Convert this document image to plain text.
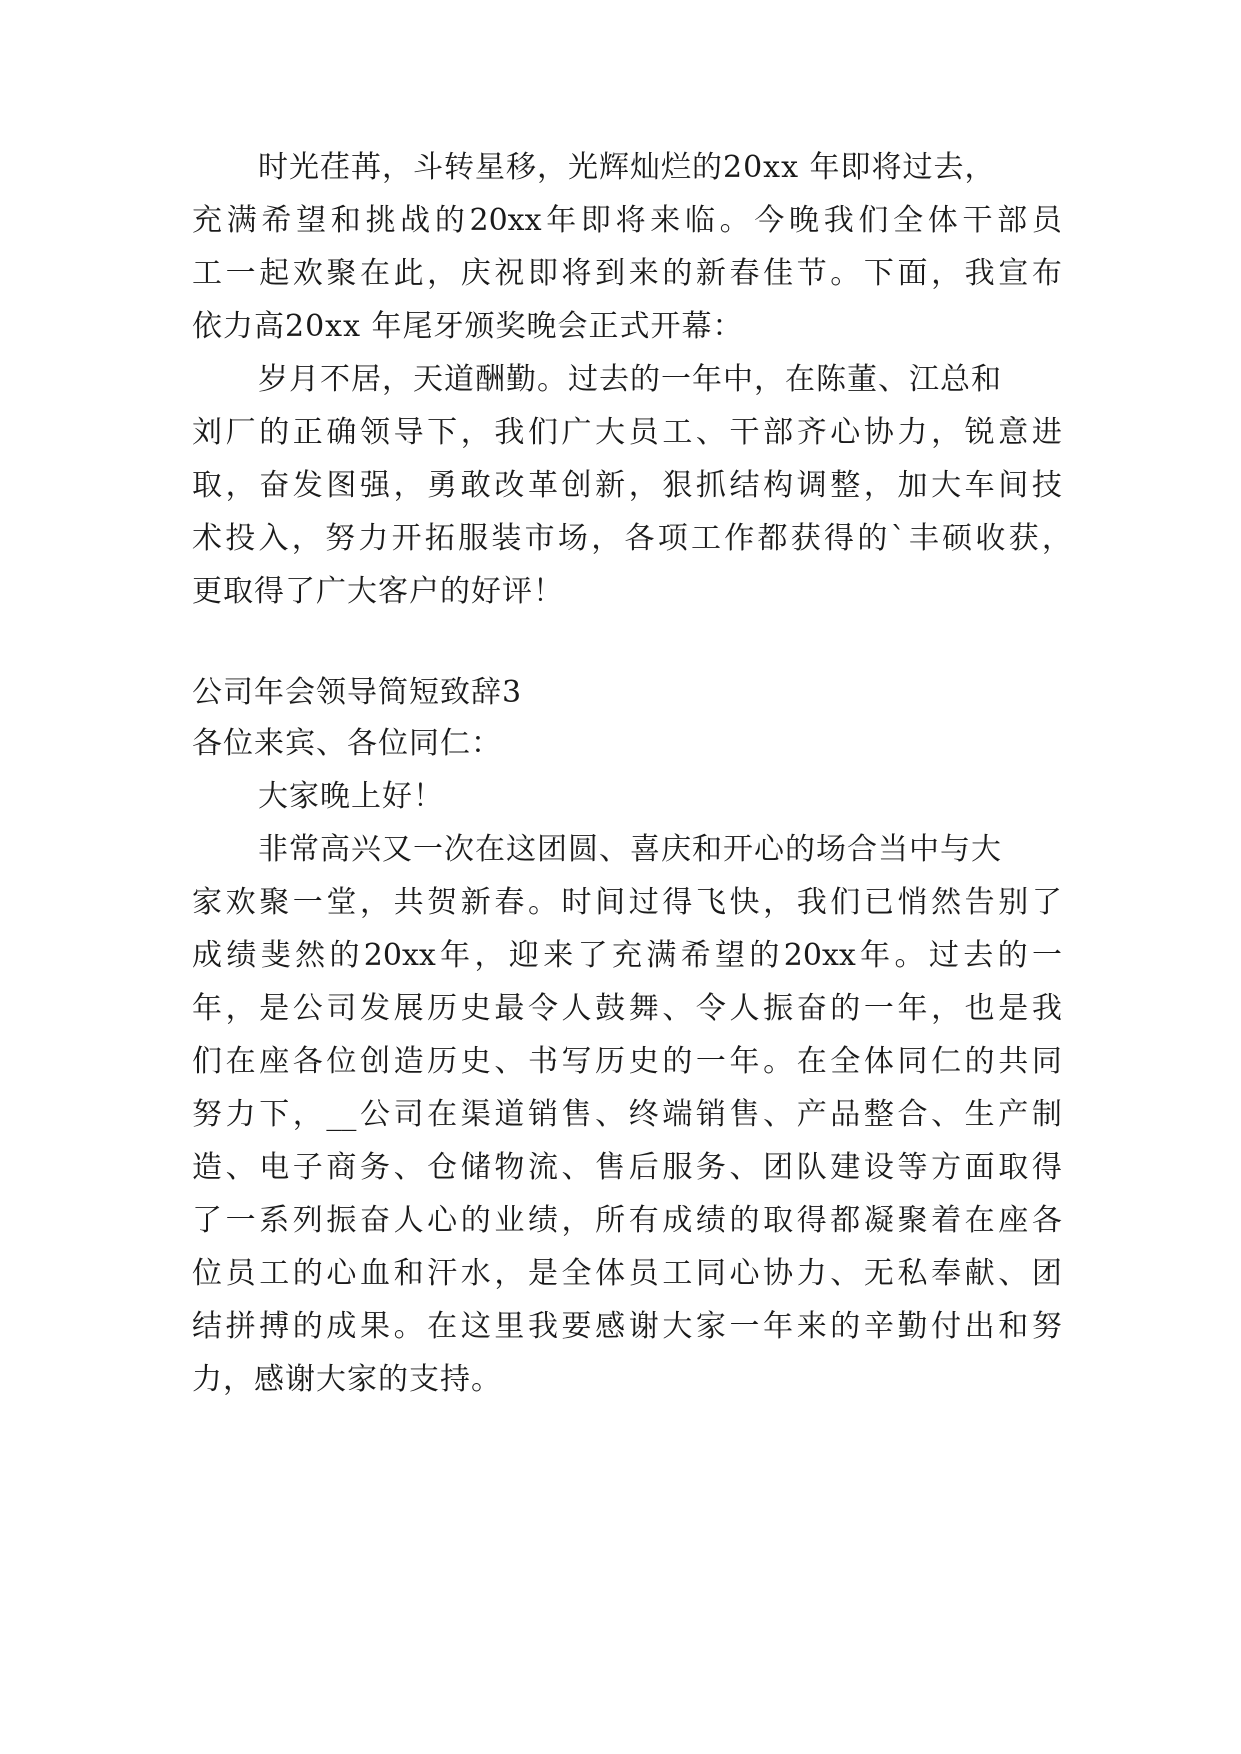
时光荏苒，斗转星移，光辉灿烂的20xx 年即将过去，
充 满 希 望 和 挑 战 的 20xx 年 即 将 来 临 。 今 晚 我 们 全 体 干 部 员
工 一 起 欢 聚 在 此 ， 庆 祝 即 将 到 来 的 新 春 佳 节 。 下 面 ， 我 宣 布
依力高20xx 年尾牙颁奖晚会正式开幕：
岁月不居，天道酬勤。过去的一年中，在陈董、江总和
刘 厂 的 正 确 领 导 下 ， 我 们 广 大 员 工 、 干 部 齐 心 协 力 ， 锐 意 进
取 ， 奋 发 图 强 ， 勇 敢 改 革 创 新 ， 狠 抓 结 构 调 整 ， 加 大 车 间 技
术 投 入 ， 努 力 开 拓 服 装 市 场 ， 各 项 工 作 都 获 得 的 ` 丰 硕 收 获 ，
更取得了广大客户的好评！
公司年会领导简短致辞3
各位来宾、各位同仁：
大家晚上好！
非常高兴又一次在这团圆、喜庆和开心的场合当中与大
家 欢 聚 一 堂 ， 共 贺 新 春 。 时 间 过 得 飞 快 ， 我 们 已 悄 然 告 别 了
成 绩 斐 然 的 20xx 年 ， 迎 来 了 充 满 希 望 的 20xx 年 。 过 去 的 一
年 ， 是 公 司 发 展 历 史 最 令 人 鼓 舞 、 令 人 振 奋 的 一 年 ， 也 是 我
们 在 座 各 位 创 造 历 史 、 书 写 历 史 的 一 年 。 在 全 体 同 仁 的 共 同
努 力 下 ， __ 公 司 在 渠 道 销 售 、 终 端 销 售 、 产 品 整 合 、 生 产 制
造 、 电 子 商 务 、 仓 储 物 流 、 售 后 服 务 、 团 队 建 设 等 方 面 取 得
了 一 系 列 振 奋 人 心 的 业 绩 ， 所 有 成 绩 的 取 得 都 凝 聚 着 在 座 各
位 员 工 的 心 血 和 汗 水 ， 是 全 体 员 工 同 心 协 力 、 无 私 奉 献 、 团
结 拼 搏 的 成 果 。 在 这 里 我 要 感 谢 大 家 一 年 来 的 辛 勤 付 出 和 努
力，感谢大家的支持。
